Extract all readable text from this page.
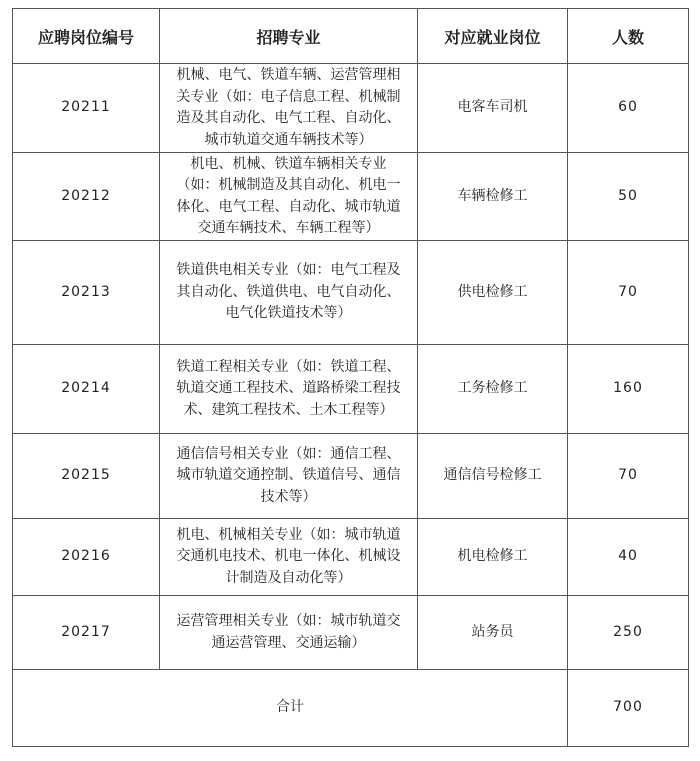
应聘岗位编号	招聘专业	对应就业岗位	人数
20211	机械、电气、铁道车辆、运营管理相关专业（如：电子信息工程、机械制造及其自动化、电气工程、自动化、城市轨道交通车辆技术等）	电客车司机	60
20212	机电、机械、铁道车辆相关专业（如：机械制造及其自动化、机电一体化、电气工程、自动化、城市轨道交通车辆技术、车辆工程等）	车辆检修工	50
20213	铁道供电相关专业（如：电气工程及其自动化、铁道供电、电气自动化、电气化铁道技术等）	供电检修工	70
20214	铁道工程相关专业（如：铁道工程、轨道交通工程技术、道路桥梁工程技术、建筑工程技术、土木工程等）	工务检修工	160
20215	通信信号相关专业（如：通信工程、城市轨道交通控制、铁道信号、通信技术等）	通信信号检修工	70
20216	机电、机械相关专业（如：城市轨道交通机电技术、机电一体化、机械设计制造及自动化等）	机电检修工	40
20217	运营管理相关专业（如：城市轨道交通运营管理、交通运输）	站务员	250
合计			700
